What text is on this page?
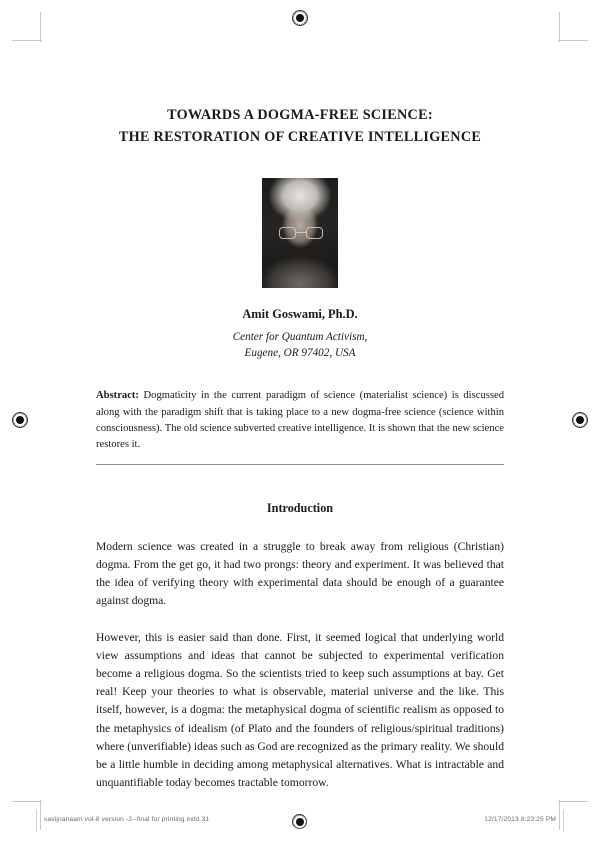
TOWARDS A DOGMA-FREE SCIENCE:
THE RESTORATION OF CREATIVE INTELLIGENCE
Amit Goswami, Ph.D.
Center for Quantum Activism,
Eugene, OR 97402, USA
Abstract: Dogmaticity in the current paradigm of science (materialist science) is discussed along with the paradigm shift that is taking place to a new dogma-free science (science within consciousness). The old science subverted creative intelligence. It is shown that the new science restores it.
Introduction

Modern science was created in a struggle to break away from religious (Christian) dogma. From the get go, it had two prongs: theory and experiment. It was believed that the idea of verifying theory with experimental data should be enough of a guarantee against dogma.

However, this is easier said than done. First, it seemed logical that underlying world view assumptions and ideas that cannot be subjected to experimental verification become a religious dogma. So the scientists tried to keep such assumptions at bay. Get real! Keep your theories to what is observable, material universe and the like. This itself, however, is a dogma: the metaphysical dogma of scientific realism as opposed to the metaphysics of idealism (of Plato and the founders of religious/spiritual traditions) where (unverifiable) ideas such as God are recognized as the primary reality. We should be a little humble in deciding among metaphysical alternatives. What is intractable and unquantifiable today becomes tractable tomorrow.

savijnanaam vol-8 version -2--final for printing.indd 31	12/17/2013 8:23:25 PM
